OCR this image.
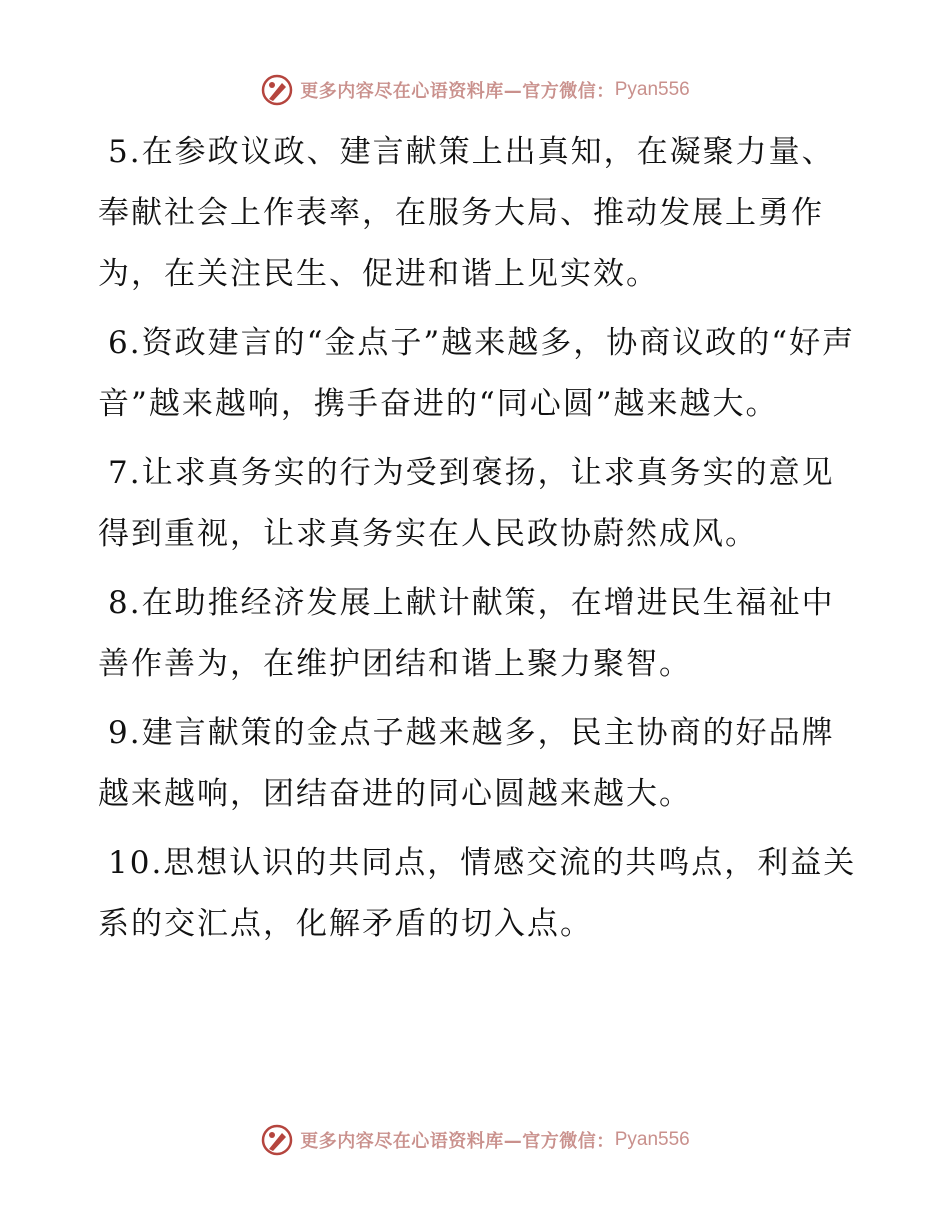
更多内容尽在心语资料库—官方微信： Pyan556

5.在参政议政、建言献策上出真知，在凝聚力量、奉献社会上作表率，在服务大局、推动发展上勇作为，在关注民生、促进和谐上见实效。

6.资政建言的“金点子”越来越多，协商议政的“好声音”越来越响，携手奋进的“同心圆”越来越大。

7.让求真务实的行为受到褒扬，让求真务实的意见得到重视，让求真务实在人民政协蔚然成风。

8.在助推经济发展上献计献策，在增进民生福祉中善作善为，在维护团结和谐上聚力聚智。

9.建言献策的金点子越来越多，民主协商的好品牌越来越响，团结奋进的同心圆越来越大。

10.思想认识的共同点，情感交流的共鸣点，利益关系的交汇点，化解矛盾的切入点。

更多内容尽在心语资料库—官方微信： Pyan556
